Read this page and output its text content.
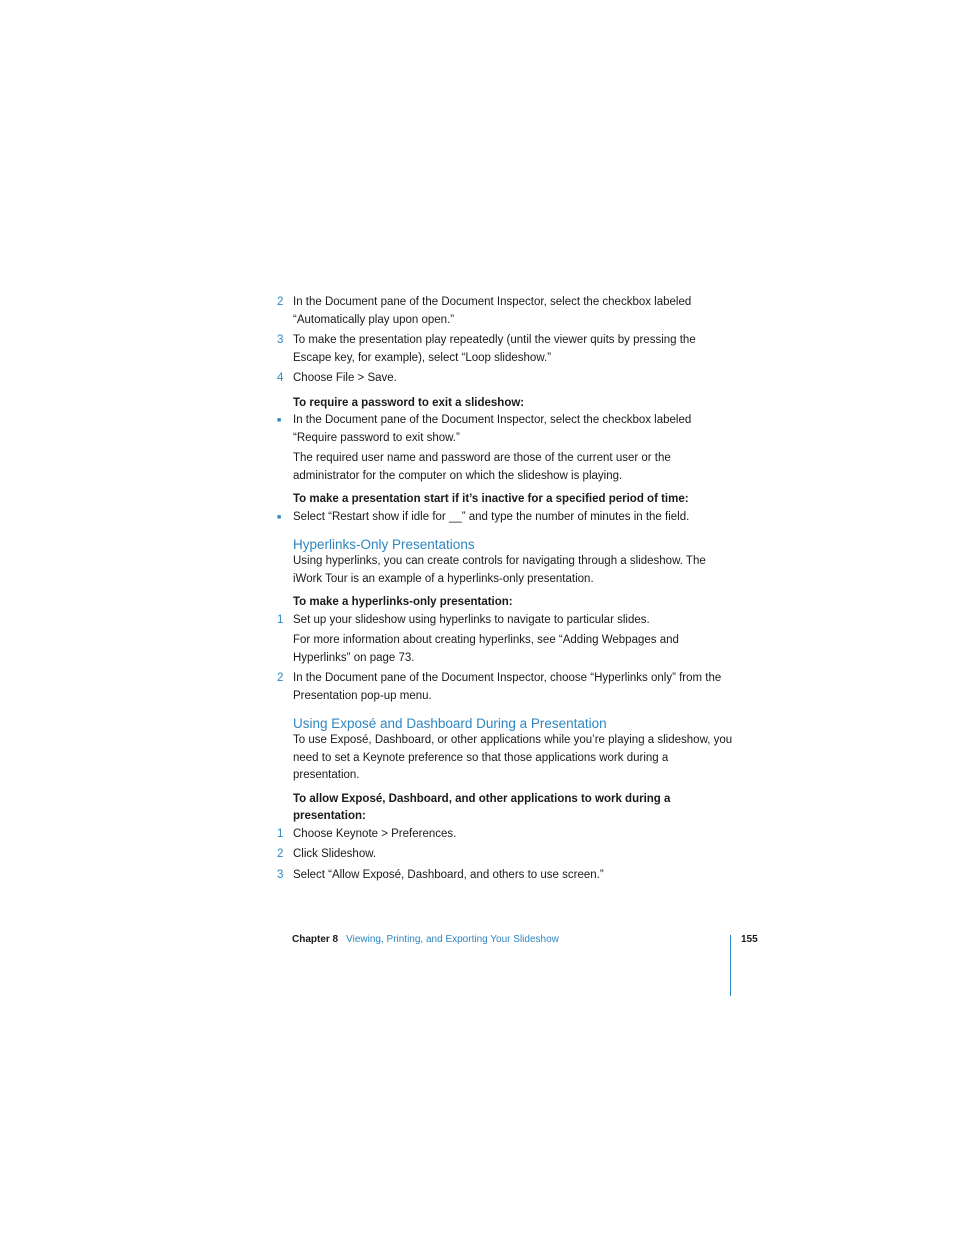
2 In the Document pane of the Document Inspector, select the checkbox labeled “Automatically play upon open.”

3 To make the presentation play repeatedly (until the viewer quits by pressing the Escape key, for example), select “Loop slideshow.”

4 Choose File > Save.

To require a password to exit a slideshow:

■	In the Document pane of the Document Inspector, select the checkbox labeled “Require password to exit show.”

The required user name and password are those of the current user or the administrator for the computer on which the slideshow is playing.

To make a presentation start if it’s inactive for a specified period of time:

■	Select “Restart show if idle for __” and type the number of minutes in the field.

Hyperlinks-Only Presentations

Using hyperlinks, you can create controls for navigating through a slideshow. The iWork Tour is an example of a hyperlinks-only presentation.

To make a hyperlinks-only presentation:

1 Set up your slideshow using hyperlinks to navigate to particular slides.

For more information about creating hyperlinks, see “Adding Webpages and Hyperlinks” on page 73.

2 In the Document pane of the Document Inspector, choose “Hyperlinks only” from the Presentation pop-up menu.

Using Exposé and Dashboard During a Presentation

To use Exposé, Dashboard, or other applications while you’re playing a slideshow, you need to set a Keynote preference so that those applications work during a presentation.

To allow Exposé, Dashboard, and other applications to work during a presentation:

1 Choose Keynote > Preferences.

2 Click Slideshow.

3 Select “Allow Exposé, Dashboard, and others to use screen.”

Chapter 8 Viewing, Printing, and Exporting Your Slideshow	155
